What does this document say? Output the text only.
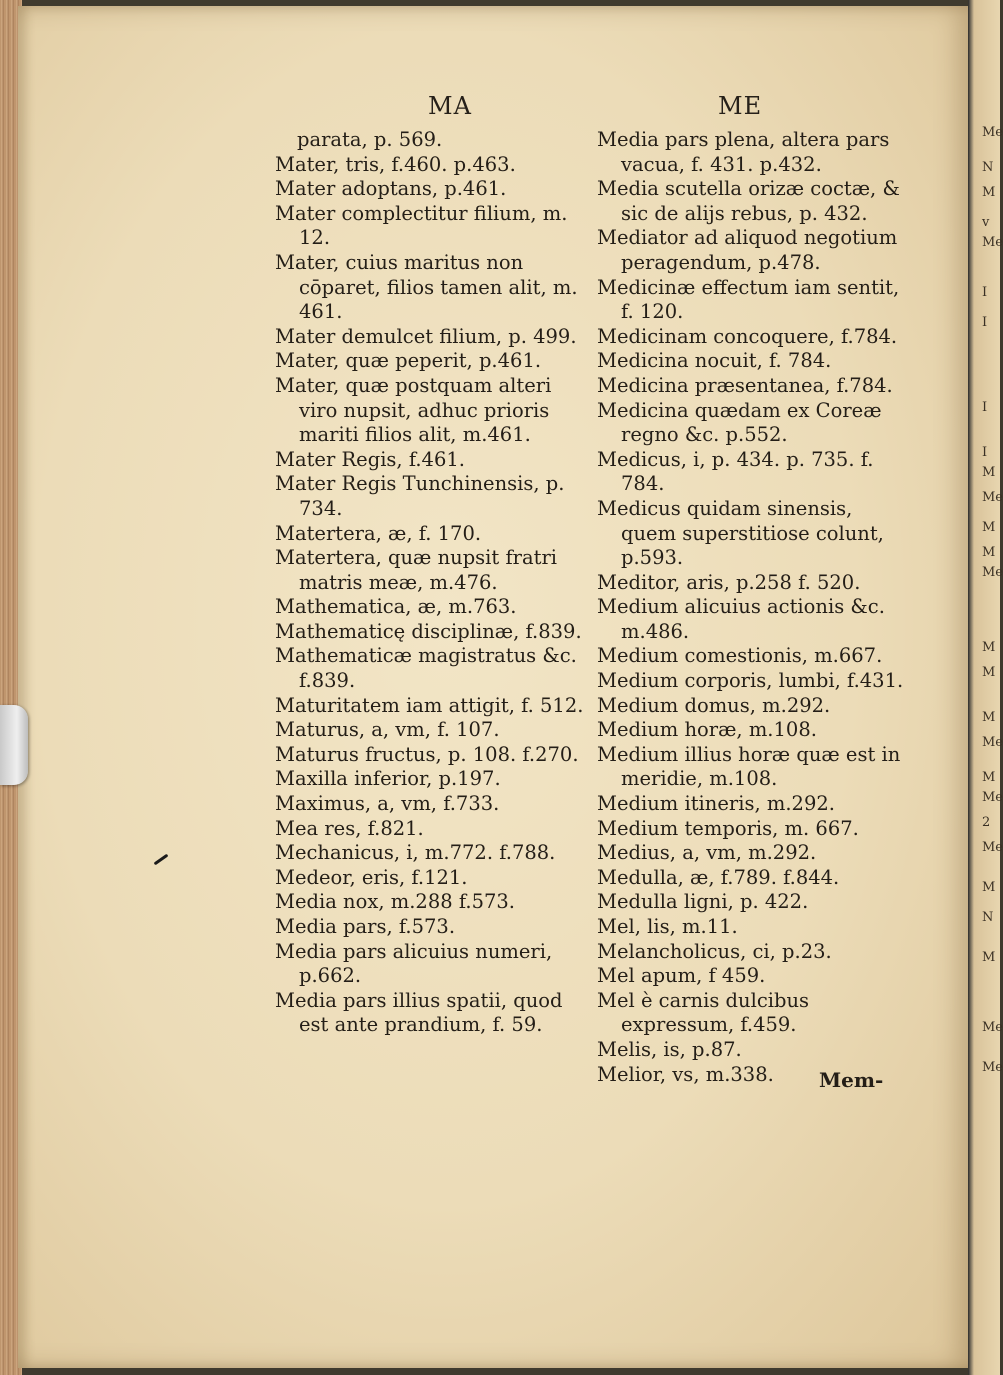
Me
N
M
v
Me
I
I
I
I
M
Me
M
M
Me
M
M
M
Me
M
Me
2
Me
M
N
M
Me
Me
MA	ME
parata, p. 569.
Mater, tris, f.460. p.463.
Mater adoptans, p.461.
Mater complectitur filium, m. 12.
Mater, cuius maritus non cōparet, filios tamen alit, m. 461.
Mater demulcet filium, p. 499.
Mater, quæ peperit, p.461.
Mater, quæ postquam alteri viro nupsit, adhuc prioris mariti filios alit, m.461.
Mater Regis, f.461.
Mater Regis Tunchinensis, p. 734.
Matertera, æ, f. 170.
Matertera, quæ nupsit fratri matris meæ, m.476.
Mathematica, æ, m.763.
Mathematicę disciplinæ, f.839.
Mathematicæ magistratus &c. f.839.
Maturitatem iam attigit, f. 512.
Maturus, a, vm, f. 107.
Maturus fructus, p. 108. f.270.
Maxilla inferior, p.197.
Maximus, a, vm, f.733.
Mea res, f.821.
Mechanicus, i, m.772. f.788.
Medeor, eris, f.121.
Media nox, m.288 f.573.
Media pars, f.573.
Media pars alicuius numeri, p.662.
Media pars illius spatii, quod est ante prandium, f. 59.
Media pars plena, altera pars vacua, f. 431. p.432.
Media scutella orizæ coctæ, & sic de alijs rebus, p. 432.
Mediator ad aliquod negotium peragendum, p.478.
Medicinæ effectum iam sentit, f. 120.
Medicinam concoquere, f.784.
Medicina nocuit, f. 784.
Medicina præsentanea, f.784.
Medicina quædam ex Coreæ regno &c. p.552.
Medicus, i, p. 434. p. 735. f. 784.
Medicus quidam sinensis, quem superstitiose colunt, p.593.
Meditor, aris, p.258 f. 520.
Medium alicuius actionis &c. m.486.
Medium comestionis, m.667.
Medium corporis, lumbi, f.431.
Medium domus, m.292.
Medium horæ, m.108.
Medium illius horæ quæ est in meridie, m.108.
Medium itineris, m.292.
Medium temporis, m. 667.
Medius, a, vm, m.292.
Medulla, æ, f.789. f.844.
Medulla ligni, p. 422.
Mel, lis, m.11.
Melancholicus, ci, p.23.
Mel apum, f 459.
Mel è carnis dulcibus expressum, f.459.
Melis, is, p.87.
Melior, vs, m.338.	Mem-
